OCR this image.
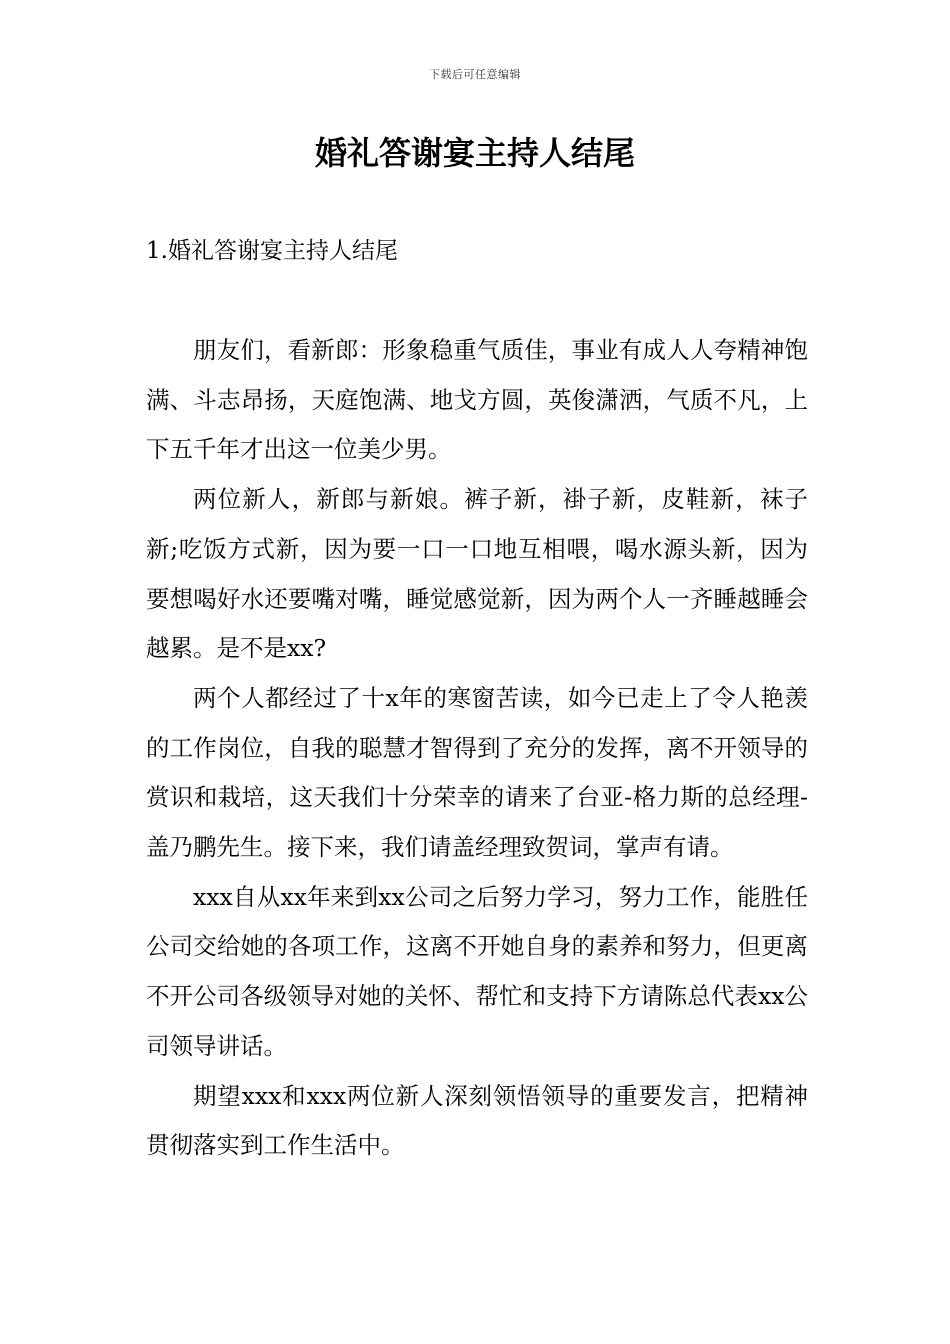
下载后可任意编辑
婚礼答谢宴主持人结尾
1.婚礼答谢宴主持人结尾

朋友们，看新郎：形象稳重气质佳，事业有成人人夸精神饱满、斗志昂扬，天庭饱满、地戈方圆，英俊潇洒，气质不凡，上下五千年才出这一位美少男。

两位新人，新郎与新娘。裤子新，褂子新，皮鞋新，袜子新;吃饭方式新，因为要一口一口地互相喂，喝水源头新，因为要想喝好水还要嘴对嘴，睡觉感觉新，因为两个人一齐睡越睡会越累。是不是xx?

两个人都经过了十x年的寒窗苦读，如今已走上了令人艳羡的工作岗位，自我的聪慧才智得到了充分的发挥，离不开领导的赏识和栽培，这天我们十分荣幸的请来了台亚-格力斯的总经理-盖乃鹏先生。接下来，我们请盖经理致贺词，掌声有请。

xxx自从xx年来到xx公司之后努力学习，努力工作，能胜任公司交给她的各项工作，这离不开她自身的素养和努力，但更离不开公司各级领导对她的关怀、帮忙和支持下方请陈总代表xx公司领导讲话。

期望xxx和xxx两位新人深刻领悟领导的重要发言，把精神贯彻落实到工作生活中。
